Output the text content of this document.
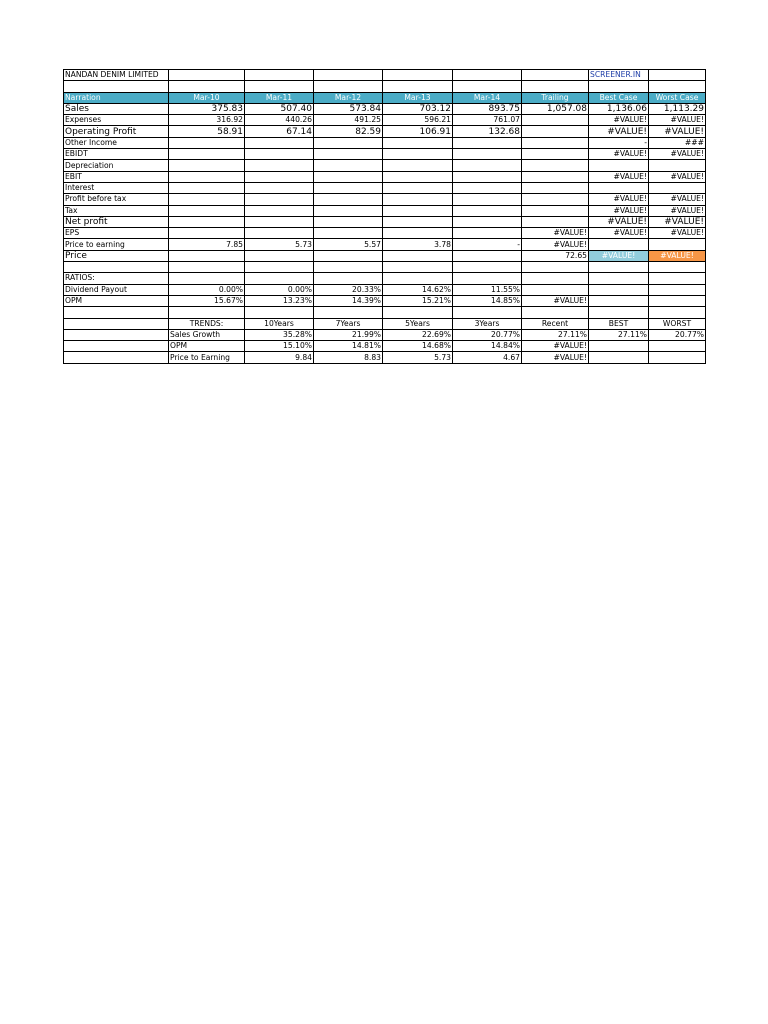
NANDAN DENIM LIMITED							SCREENER.IN	

Narration	Mar-10	Mar-11	Mar-12	Mar-13	Mar-14	Trailing	Best Case	Worst Case
Sales	375.83	507.40	573.84	703.12	893.75	1,057.08	1,136.06	1,113.29
Expenses	316.92	440.26	491.25	596.21	761.07		#VALUE!	#VALUE!
Operating Profit	58.91	67.14	82.59	106.91	132.68		#VALUE!	#VALUE!
Other Income							-	###
EBIDT							#VALUE!	#VALUE!
Depreciation								
EBIT							#VALUE!	#VALUE!
Interest								
Profit before tax							#VALUE!	#VALUE!
Tax							#VALUE!	#VALUE!
Net profit							#VALUE!	#VALUE!
EPS						#VALUE!	#VALUE!	#VALUE!
Price to earning	7.85	5.73	5.57	3.78	-	#VALUE!		
Price						72.65	#VALUE!	#VALUE!

RATIOS:								
Dividend Payout	0.00%	0.00%	20.33%	14.62%	11.55%			
OPM	15.67%	13.23%	14.39%	15.21%	14.85%	#VALUE!		

	TRENDS:	10Years	7Years	5Years	3Years	Recent	BEST	WORST
	Sales Growth	35.28%	21.99%	22.69%	20.77%	27.11%	27.11%	20.77%
	OPM	15.10%	14.81%	14.68%	14.84%	#VALUE!		
	Price to Earning	9.84	8.83	5.73	4.67	#VALUE!		
